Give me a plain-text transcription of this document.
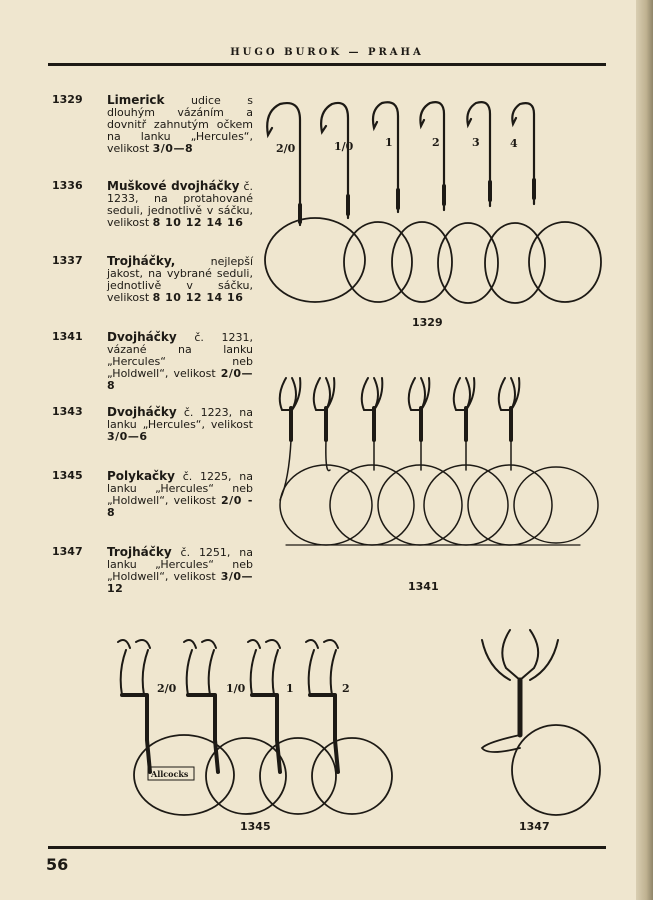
HUGO BUROK — PRAHA
1329 Limerick udice s dlouhým vázáním a dovnitř zahnutým očkem na lanku „Hercules“, velikost 3/0—8
1336 Muškové dvojháčky č. 1233, na protahované seduli, jednotlivě v sáčku, velikost 8 10 12 14 16
1337 Trojháčky, nejlepší jakost, na vybrané seduli, jednotlivě v sáčku, velikost 8 10 12 14 16
1341 Dvojháčky č. 1231, vázané na lanku „Hercules“ neb „Holdwell“, velikost 2/0—8
1343 Dvojháčky č. 1223, na lanku „Hercules“, velikost 3/0—6
1345 Polykačky č. 1225, na lanku „Hercules“ neb „Holdwell“, velikost 2/0 - 8
1347 Trojháčky č. 1251, na lanku „Hercules“ neb „Holdwell“, velikost 3/0—12
2/0	1/0	1	2	3	4
2/0	1/0	1	2
Allcocks
1329
1341
1345	1347
56
